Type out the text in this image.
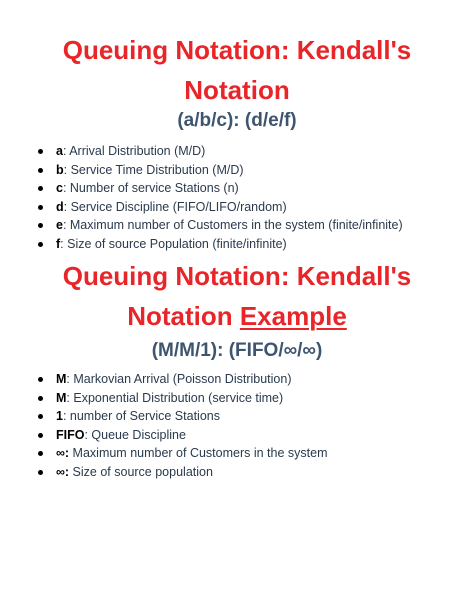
Queuing Notation: Kendall's
Notation

(a/b/c): (d/e/f)

a: Arrival Distribution (M/D)
b: Service Time Distribution (M/D)
c: Number of service Stations (n)
d: Service Discipline (FIFO/LIFO/random)
e: Maximum number of Customers in the system (finite/infinite)
f: Size of source Population (finite/infinite)
Queuing Notation: Kendall's
Notation Example

(M/M/1): (FIFO/∞/∞)

M: Markovian Arrival (Poisson Distribution)
M: Exponential Distribution (service time)
1: number of Service Stations
FIFO: Queue Discipline
∞: Maximum number of Customers in the system
∞: Size of source population
